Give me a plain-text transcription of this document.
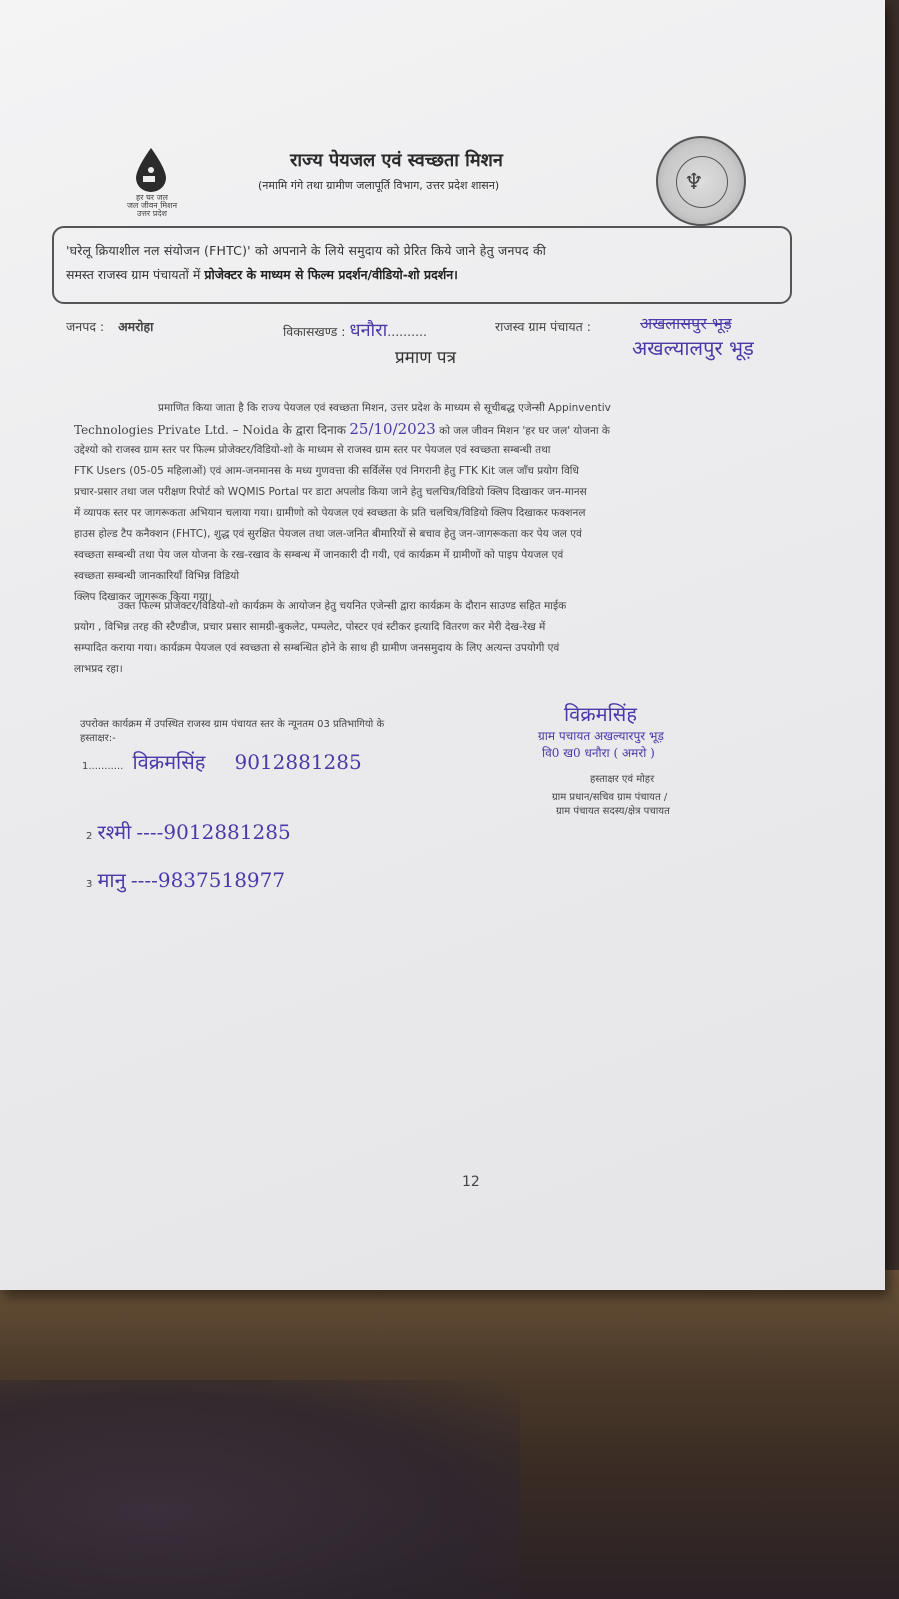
हर घर जल
जल जीवन मिशन
उत्तर प्रदेश
राज्य पेयजल एवं स्वच्छता मिशन
(नमामि गंगे तथा ग्रामीण जलापूर्ति विभाग, उत्तर प्रदेश शासन)	♆
'घरेलू क्रियाशील नल संयोजन (FHTC)' को अपनाने के लिये समुदाय को प्रेरित किये जाने हेतु जनपद की
समस्त राजस्व ग्राम पंचायतों में प्रोजेक्टर के माध्यम से फिल्म प्रदर्शन/वीडियो-शो प्रदर्शन।
जनपद : अमरोहा	विकासखण्ड : धनौरा..........	राजस्व ग्राम पंचायत :	अखलासपुर भूड़
अखल्यालपुर भूड़
प्रमाण पत्र
प्रमाणित किया जाता है कि राज्य पेयजल एवं स्वच्छता मिशन, उत्तर प्रदेश के माध्यम से सूचीबद्ध एजेन्सी Appinventiv
Technologies Private Ltd. – Noida के द्वारा दिनाक 25/10/2023 को जल जीवन मिशन 'हर घर जल' योजना के
उद्देश्यो को राजस्व ग्राम स्तर पर फिल्म प्रोजेक्टर/विडियो-शो के माध्यम से राजस्व ग्राम स्तर पर पेयजल एवं स्वच्छता सम्बन्धी तथा
FTK Users (05-05 महिलाओं) एवं आम-जनमानस के मध्य गुणवत्ता की सर्विलेंस एवं निगरानी हेतु FTK Kit जल जाँच प्रयोग विधि
प्रचार-प्रसार तथा जल परीक्षण रिपोर्ट को WQMIS Portal पर डाटा अपलोड किया जाने हेतु चलचित्र/विडियो क्लिप दिखाकर जन-मानस
में व्यापक स्तर पर जागरूकता अभियान चलाया गया। ग्रामीणो को पेयजल एवं स्वच्छता के प्रति चलचित्र/विडियो क्लिप दिखाकर फक्शनल
हाउस होल्ड टैप कनैक्शन (FHTC), शुद्ध एवं सुरक्षित पेयजल तथा जल-जनित बीमारियों से बचाव हेतु जन-जागरूकता कर पेय जल एवं
स्वच्छता सम्बन्धी तथा पेय जल योजना के रख-रखाव के सम्बन्ध में जानकारी दी गयी, एवं कार्यक्रम में ग्रामीणों को पाइप पेयजल एवं
स्वच्छता सम्बन्धी जानकारियाँ विभिन्न विडियो
क्लिप दिखाकर जागरूक किया गया।
उक्त फिल्म प्रोजेक्टर/विडियो-शो कार्यक्रम के आयोजन हेतु चयनित एजेन्सी द्वारा कार्यक्रम के दौरान साउण्ड सहित माईक
प्रयोग , विभिन्न तरह की स्टैण्डीज, प्रचार प्रसार सामग्री-बुकलेट, पम्पलेट, पोस्टर एवं स्टीकर इत्यादि वितरण कर मेरी देख-रेख में
सम्पादित कराया गया। कार्यक्रम पेयजल एवं स्वच्छता से सम्बन्धित होने के साथ ही ग्रामीण जनसमुदाय के लिए अत्यन्त उपयोगी एवं
लाभप्रद रहा।
उपरोक्त कार्यक्रम में उपस्थित राजस्व ग्राम पंचायत स्तर के न्यूनतम 03 प्रतिभागियो के
हस्ताक्षर:-
1........... विक्रमसिंह 9012881285
2 रश्मी ----9012881285
3 मानु ----9837518977
विक्रमसिंह
ग्राम पचायत अखल्यारपुर भूड़
वि0 ख0 धनौरा ( अमरो )
हस्ताक्षर एवं मोहर
ग्राम प्रधान/सचिव ग्राम पंचायत /
ग्राम पंचायत सदस्य/क्षेत्र पचायत
12
